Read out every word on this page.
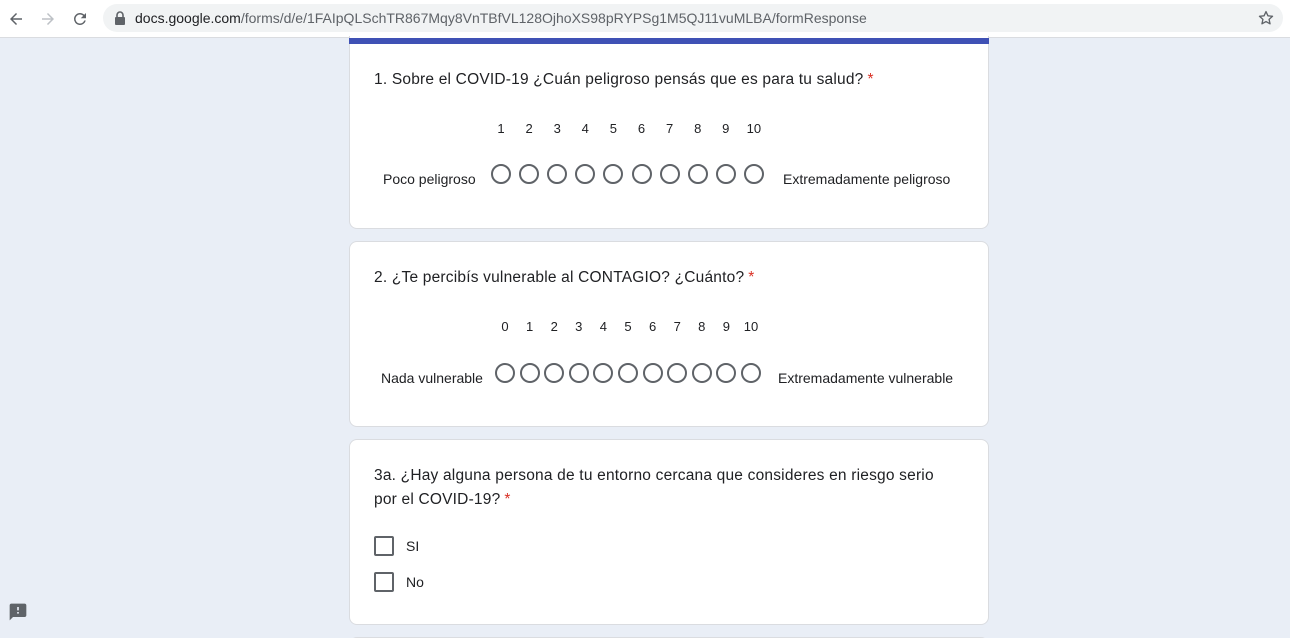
docs.google.com/forms/d/e/1FAIpQLSchTR867Mqy8VnTBfVL128OjhoXS98pRYPSg1M5QJ11vuMLBA/formResponse
1. Sobre el COVID-19 ¿Cuán peligroso pensás que es para tu salud? *
1	2	3	4	5	6	7	8	9	10
Poco peligroso	Extremadamente peligroso
2. ¿Te percibís vulnerable al CONTAGIO? ¿Cuánto? *
0	1	2	3	4	5	6	7	8	9	10
Nada vulnerable	Extremadamente vulnerable
3a. ¿Hay alguna persona de tu entorno cercana que consideres en riesgo serio
por el COVID-19? *
SI
No
